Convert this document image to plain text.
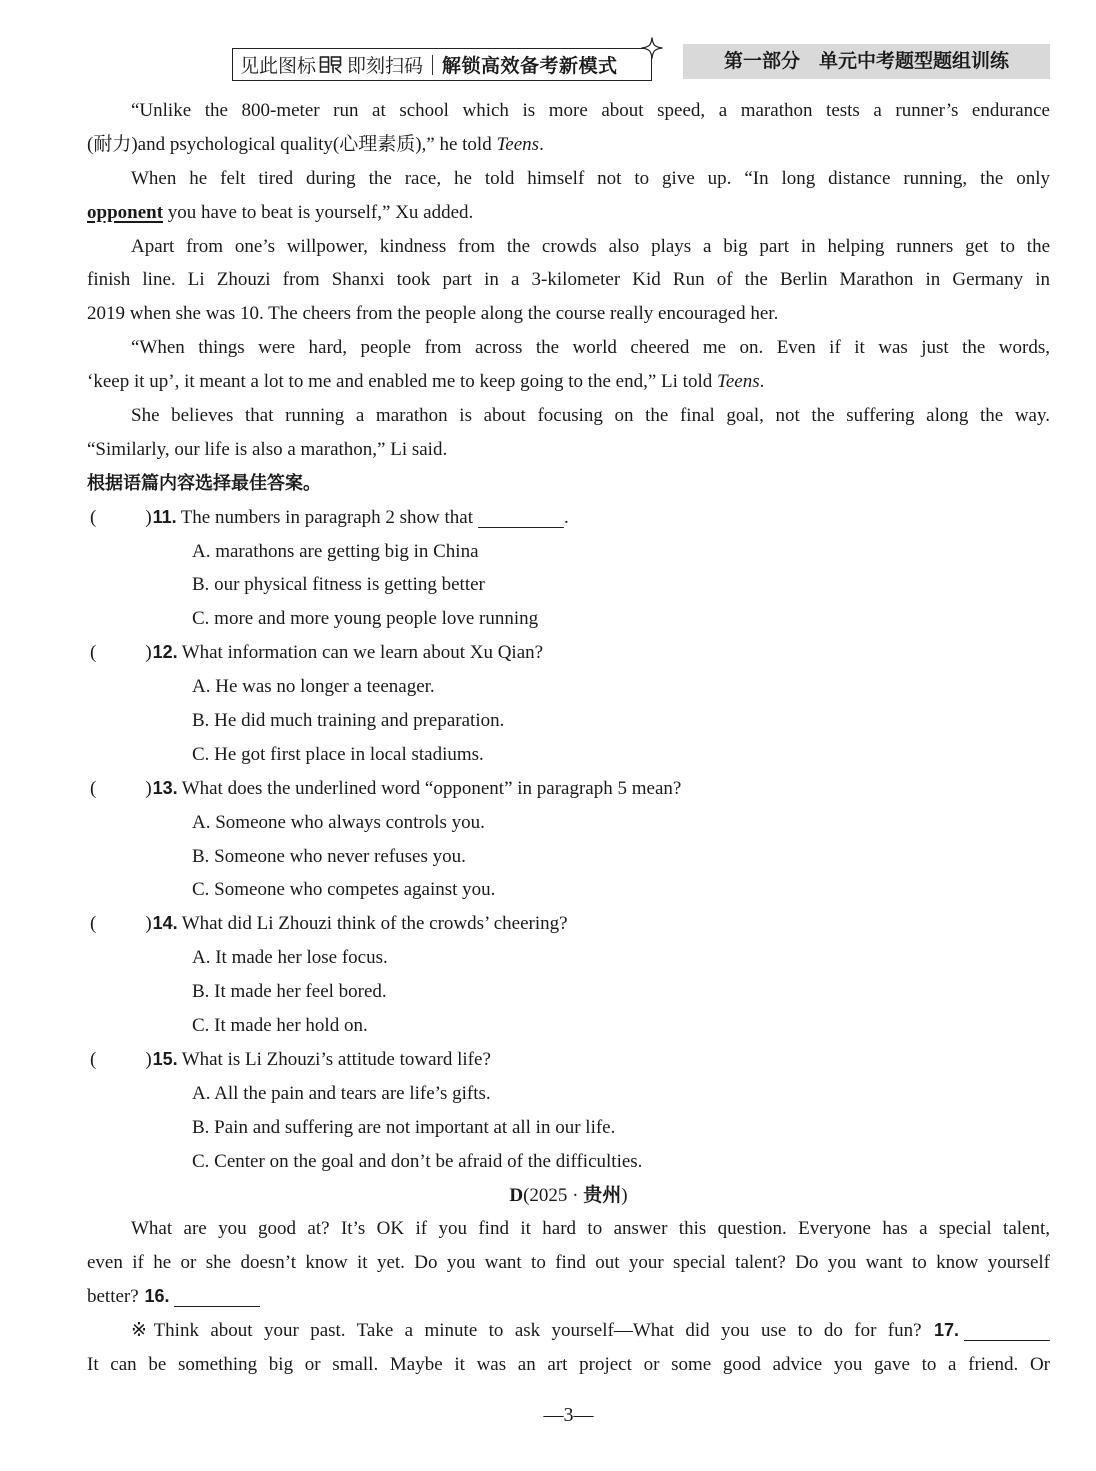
见此图标 即刻扫码 解锁高效备考新模式	第一部分　单元中考题型题组训练
“Unlike the 800-meter run at school which is more about speed, a marathon tests a runner’s endurance
(耐力)and psychological quality(心理素质),” he told Teens.
When he felt tired during the race, he told himself not to give up. “In long distance running, the only
opponent you have to beat is yourself,” Xu added.
Apart from one’s willpower, kindness from the crowds also plays a big part in helping runners get to the
finish line. Li Zhouzi from Shanxi took part in a 3-kilometer Kid Run of the Berlin Marathon in Germany in
2019 when she was 10. The cheers from the people along the course really encouraged her.
“When things were hard, people from across the world cheered me on. Even if it was just the words,
‘keep it up’, it meant a lot to me and enabled me to keep going to the end,” Li told Teens.
She believes that running a marathon is about focusing on the final goal, not the suffering along the way.
“Similarly, our life is also a marathon,” Li said.
根据语篇内容选择最佳答案。
(	)11. The numbers in paragraph 2 show that	.
A. marathons are getting big in China
B. our physical fitness is getting better
C. more and more young people love running
(	)12. What information can we learn about Xu Qian?
A. He was no longer a teenager.
B. He did much training and preparation.
C. He got first place in local stadiums.
(	)13. What does the underlined word “opponent” in paragraph 5 mean?
A. Someone who always controls you.
B. Someone who never refuses you.
C. Someone who competes against you.
(	)14. What did Li Zhouzi think of the crowds’ cheering?
A. It made her lose focus.
B. It made her feel bored.
C. It made her hold on.
(	)15. What is Li Zhouzi’s attitude toward life?
A. All the pain and tears are life’s gifts.
B. Pain and suffering are not important at all in our life.
C. Center on the goal and don’t be afraid of the difficulties.
D(2025 · 贵州)
What are you good at? It’s OK if you find it hard to answer this question. Everyone has a special talent,
even if he or she doesn’t know it yet. Do you want to find out your special talent? Do you want to know yourself
better? 16.
※Think about your past. Take a minute to ask yourself—What did you use to do for fun? 17.
It can be something big or small. Maybe it was an art project or some good advice you gave to a friend. Or
—3—
